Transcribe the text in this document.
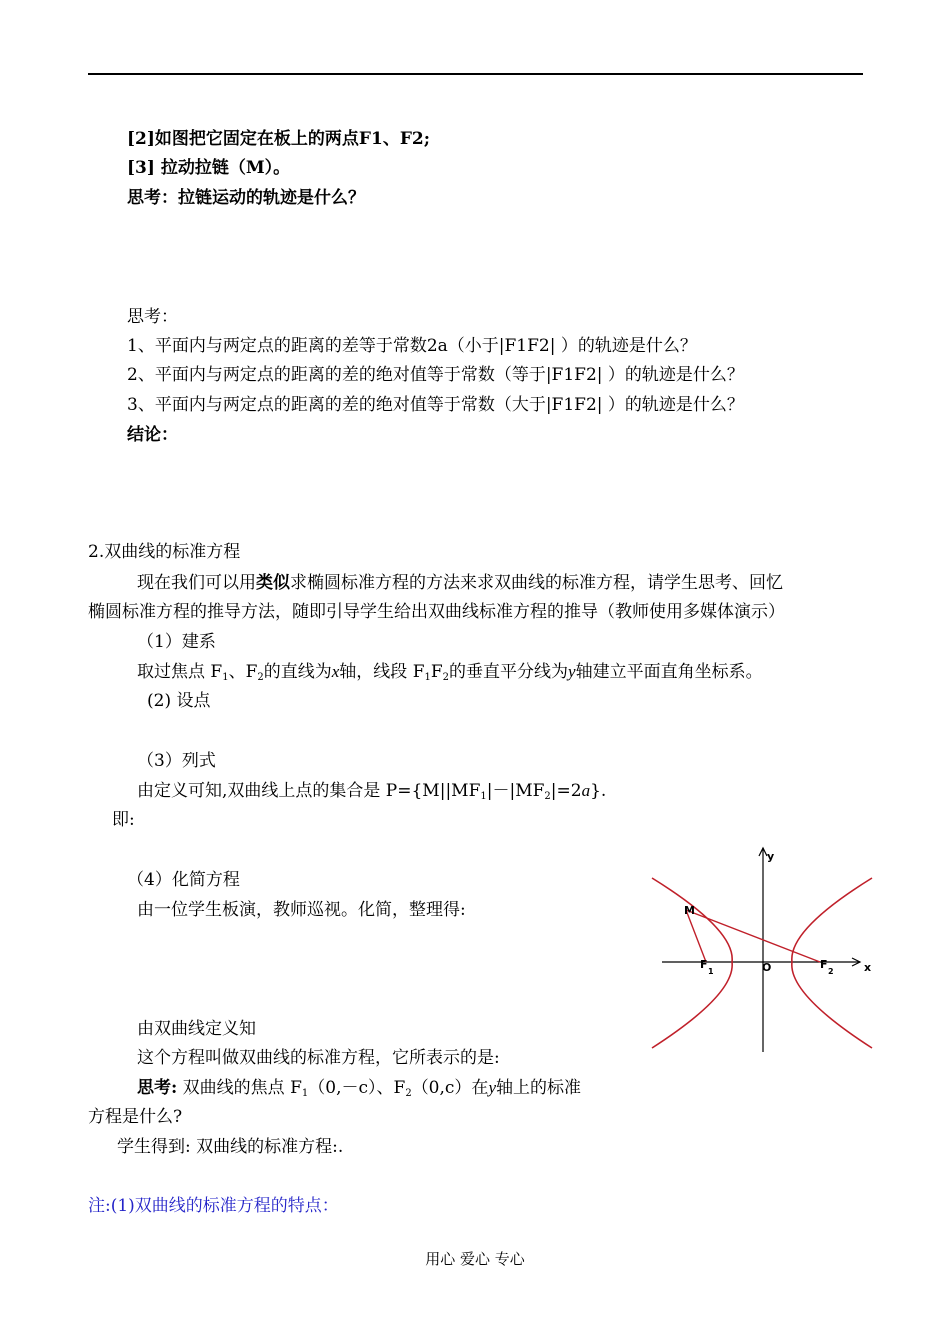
[2]如图把它固定在板上的两点F1、F2;
[3] 拉动拉链（M）。
思考：拉链运动的轨迹是什么？
思考：
1、平面内与两定点的距离的差等于常数2a（小于|F1F2| ）的轨迹是什么？
2、平面内与两定点的距离的差的绝对值等于常数（等于|F1F2| ）的轨迹是什么？
3、平面内与两定点的距离的差的绝对值等于常数（大于|F1F2| ）的轨迹是什么？
结论：
2.双曲线的标准方程
现在我们可以用类似求椭圆标准方程的方法来求双曲线的标准方程，请学生思考、回忆
椭圆标准方程的推导方法，随即引导学生给出双曲线标准方程的推导（教师使用多媒体演示）
（1）建系
取过焦点 $F_1$、$F_2$的直线为x轴，线段 $F_1F_2$的垂直平分线为y轴建立平面直角坐标系。
(2) 设点
（3）列式
由定义可知,双曲线上点的集合是 $P=\{M||MF_1|-|MF_2|=2a\}$.
即:
（4）化简方程
由一位学生板演，教师巡视。化简，整理得:
由双曲线定义知
这个方程叫做双曲线的标准方程，它所表示的是:
思考: 双曲线的焦点 $F_1(0,-c)$、$F_2(0,c)$在y轴上的标准
方程是什么?
学生得到: 双曲线的标准方程:.
注:(1)双曲线的标准方程的特点：
y
x
O
M
F
1
F
2
用心 爱心 专心
